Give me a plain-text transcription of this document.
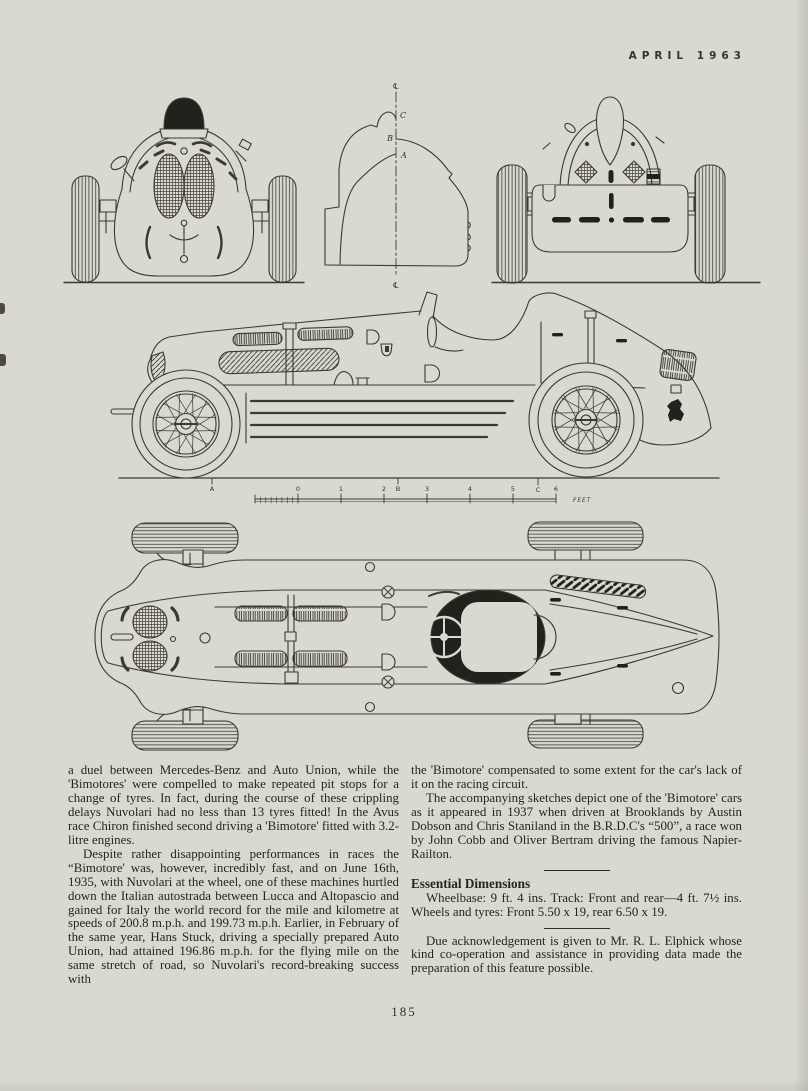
APRIL 1963
C
B
A
℄
℄
A	B	C
0	1	2	3	4	5	6
FEET

a duel between Mercedes-Benz and Auto Union, while the 'Bimotores' were compelled to make repeated pit stops for a change of tyres. In fact, during the course of these crippling delays Nuvolari had no less than 13 tyres fitted! In the Avus race Chiron finished second driving a 'Bimotore' fitted with 3.2-litre engines.

Despite rather disappointing performances in races the “Bimotore' was, however, incredibly fast, and on June 16th, 1935, with Nuvolari at the wheel, one of these machines hurtled down the Italian autostrada between Lucca and Altopascio and gained for Italy the world record for the mile and kilometre at speeds of 200.8 m.p.h. and 199.73 m.p.h. Earlier, in February of the same year, Hans Stuck, driving a specially prepared Auto Union, had attained 196.86 m.p.h. for the flying mile on the same stretch of road, so Nuvolari's record-breaking success with

the 'Bimotore' compensated to some extent for the car's lack of it on the racing circuit.

The accompanying sketches depict one of the 'Bimotore' cars as it appeared in 1937 when driven at Brooklands by Austin Dobson and Chris Staniland in the B.R.D.C's “500”, a race won by John Cobb and Oliver Bertram driving the famous Napier-Railton.

Essential Dimensions

Wheelbase: 9 ft. 4 ins. Track: Front and rear—4 ft. 7½ ins. Wheels and tyres: Front 5.50 x 19, rear 6.50 x 19.

Due acknowledgement is given to Mr. R. L. Elphick whose kind co-operation and assistance in providing data made the preparation of this feature possible.

185
